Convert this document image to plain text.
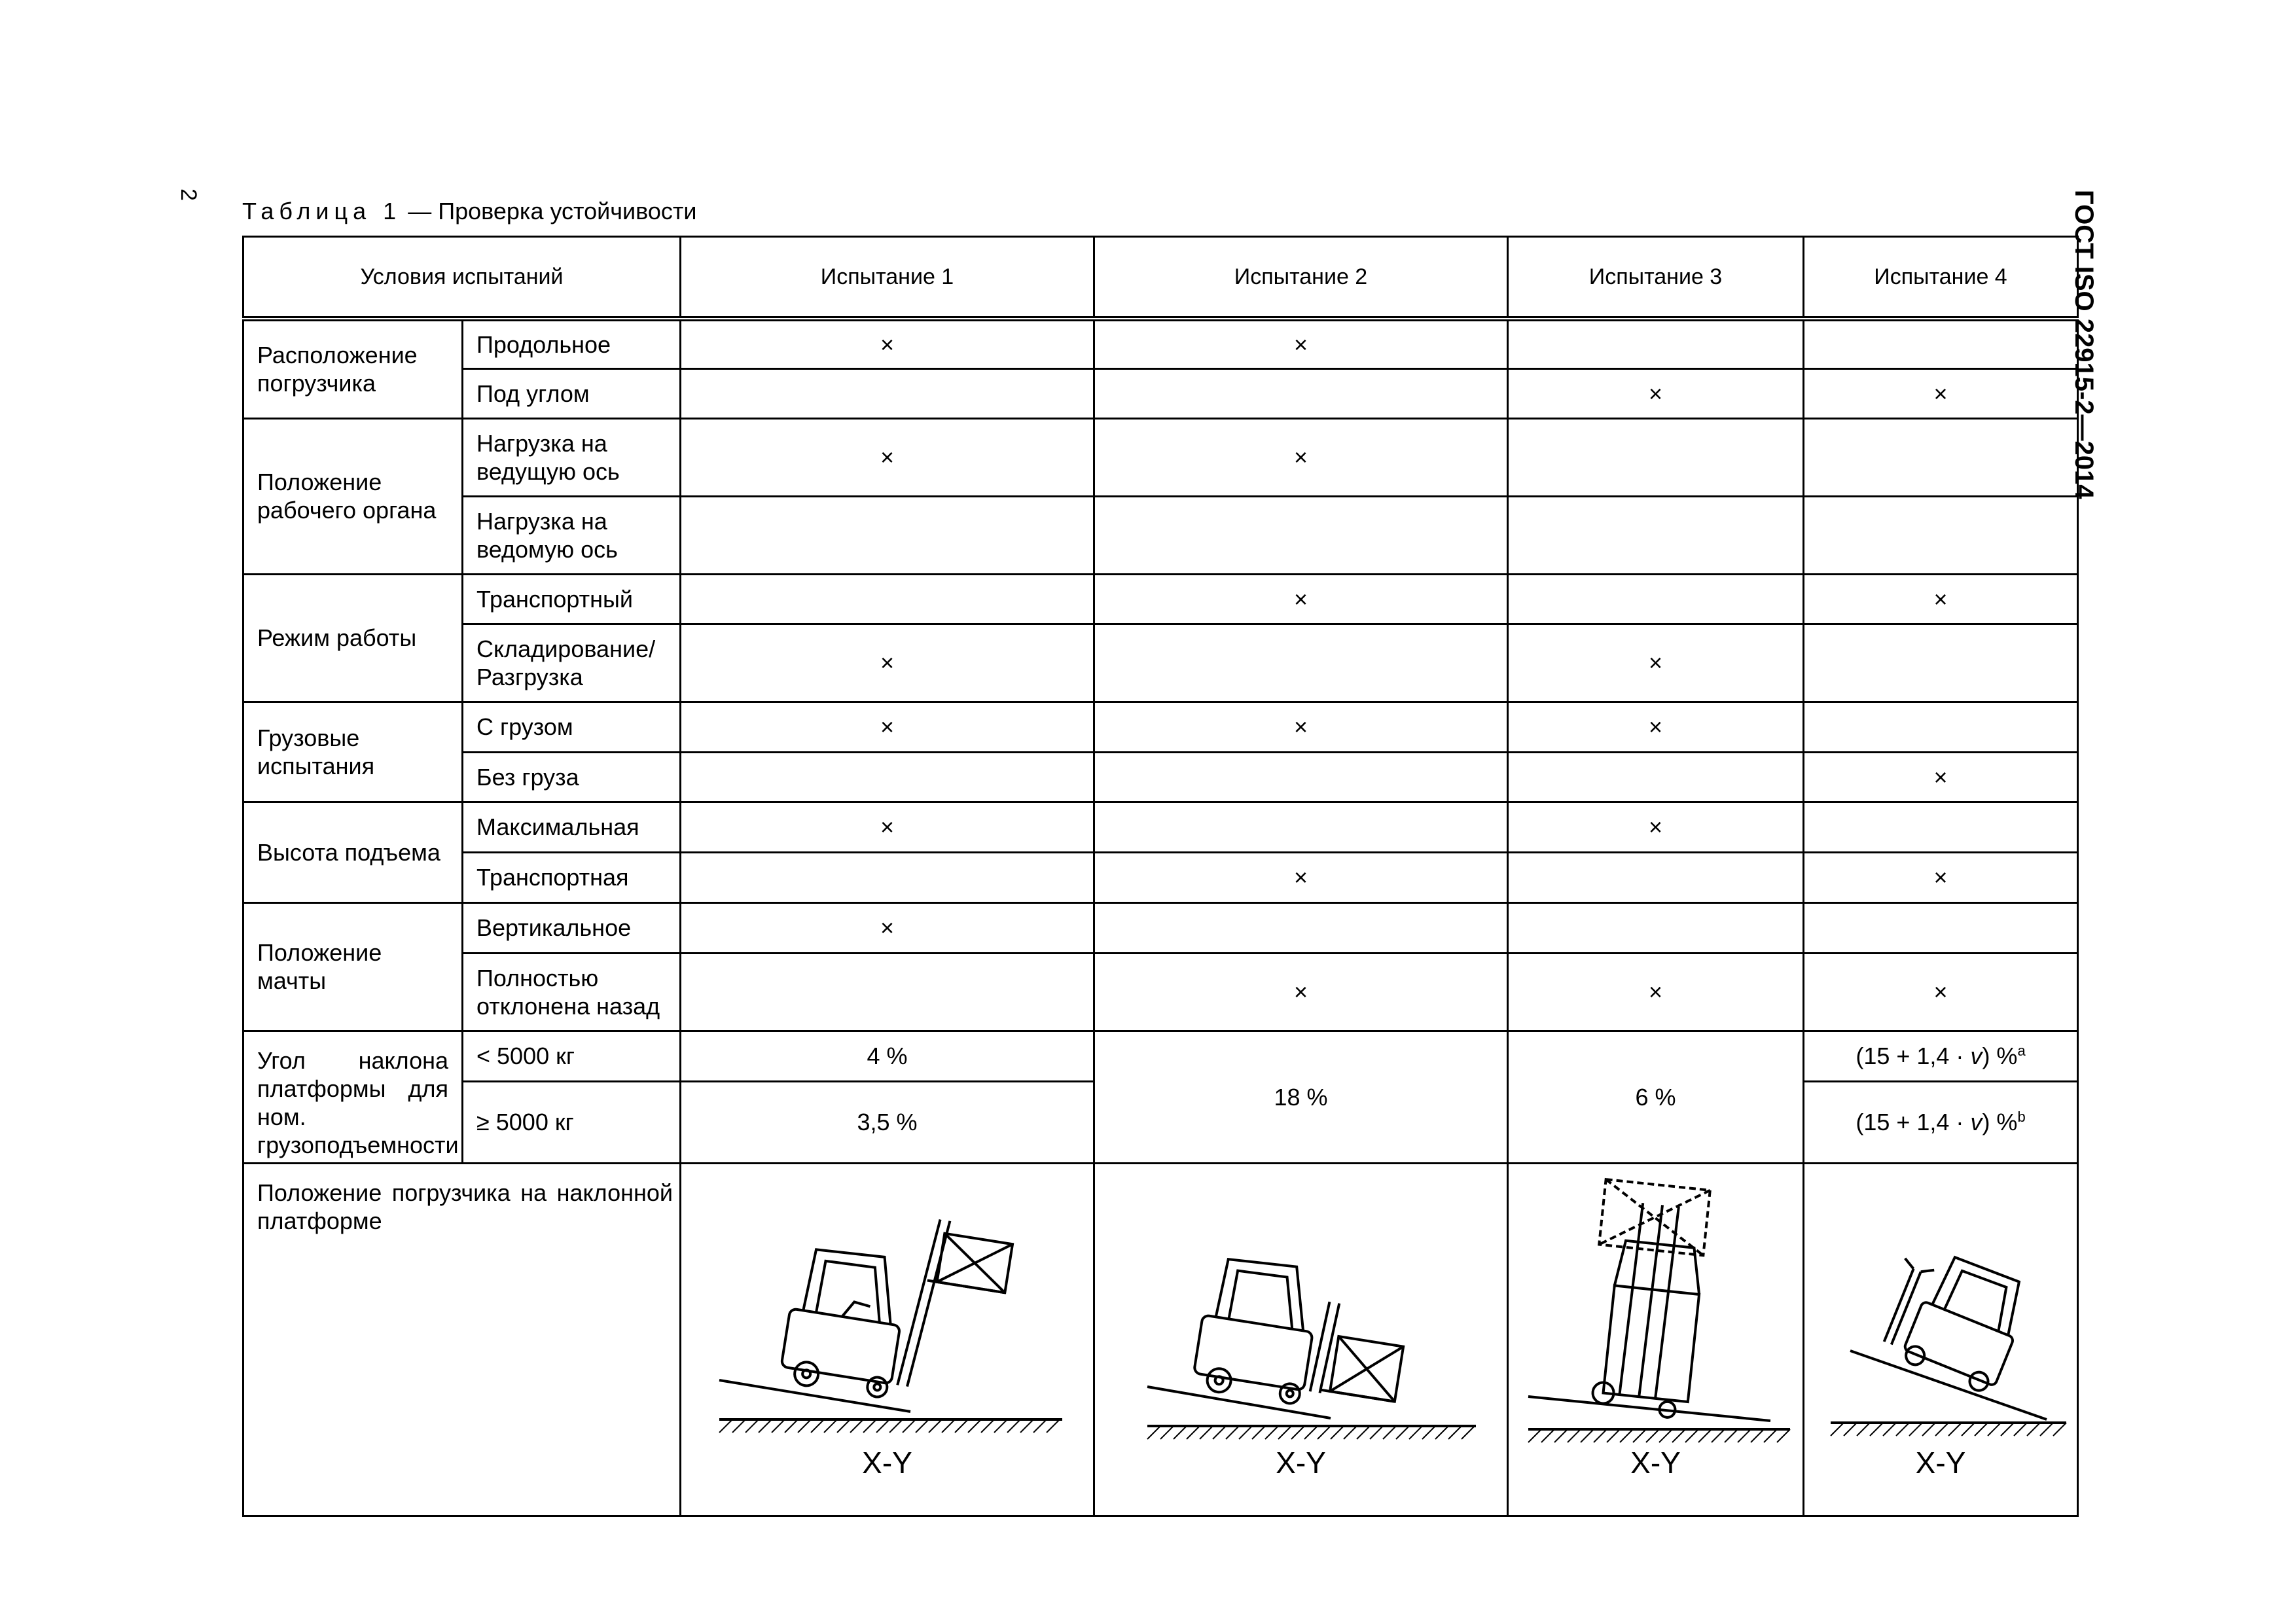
2	ГОСТ ISO 22915-2—2014
Таблица 1 — Проверка устойчивости
Условия испытаний		Испытание 1	Испытание 2	Испытание 3	Испытание 4
Расположение погрузчика	Продольное	×	×		
	Под углом			×	×
Положение рабочего органа	Нагрузка на ведущую ось	×	×		
	Нагрузка на ведомую ось				
Режим работы	Транспортный		×		×
	Складирование/ Разгрузка	×		×	
Грузовые испытания	С грузом	×	×	×	
	Без груза				×
Высота подъема	Максимальная	×		×	
	Транспортная		×		×
Положение мачты	Вертикальное	×			
	Полностью отклонена назад		×	×	×
Угол наклона платформы для ном. грузоподъемности	< 5000 кг	4 %	18 %	6 %	(15 + 1,4 · v) %$^a$
	≥ 5000 кг	3,5 %			(15 + 1,4 · v) %$^b$
Положение погрузчика на наклонной платформе		X-Y	X-Y	X-Y	X-Y
